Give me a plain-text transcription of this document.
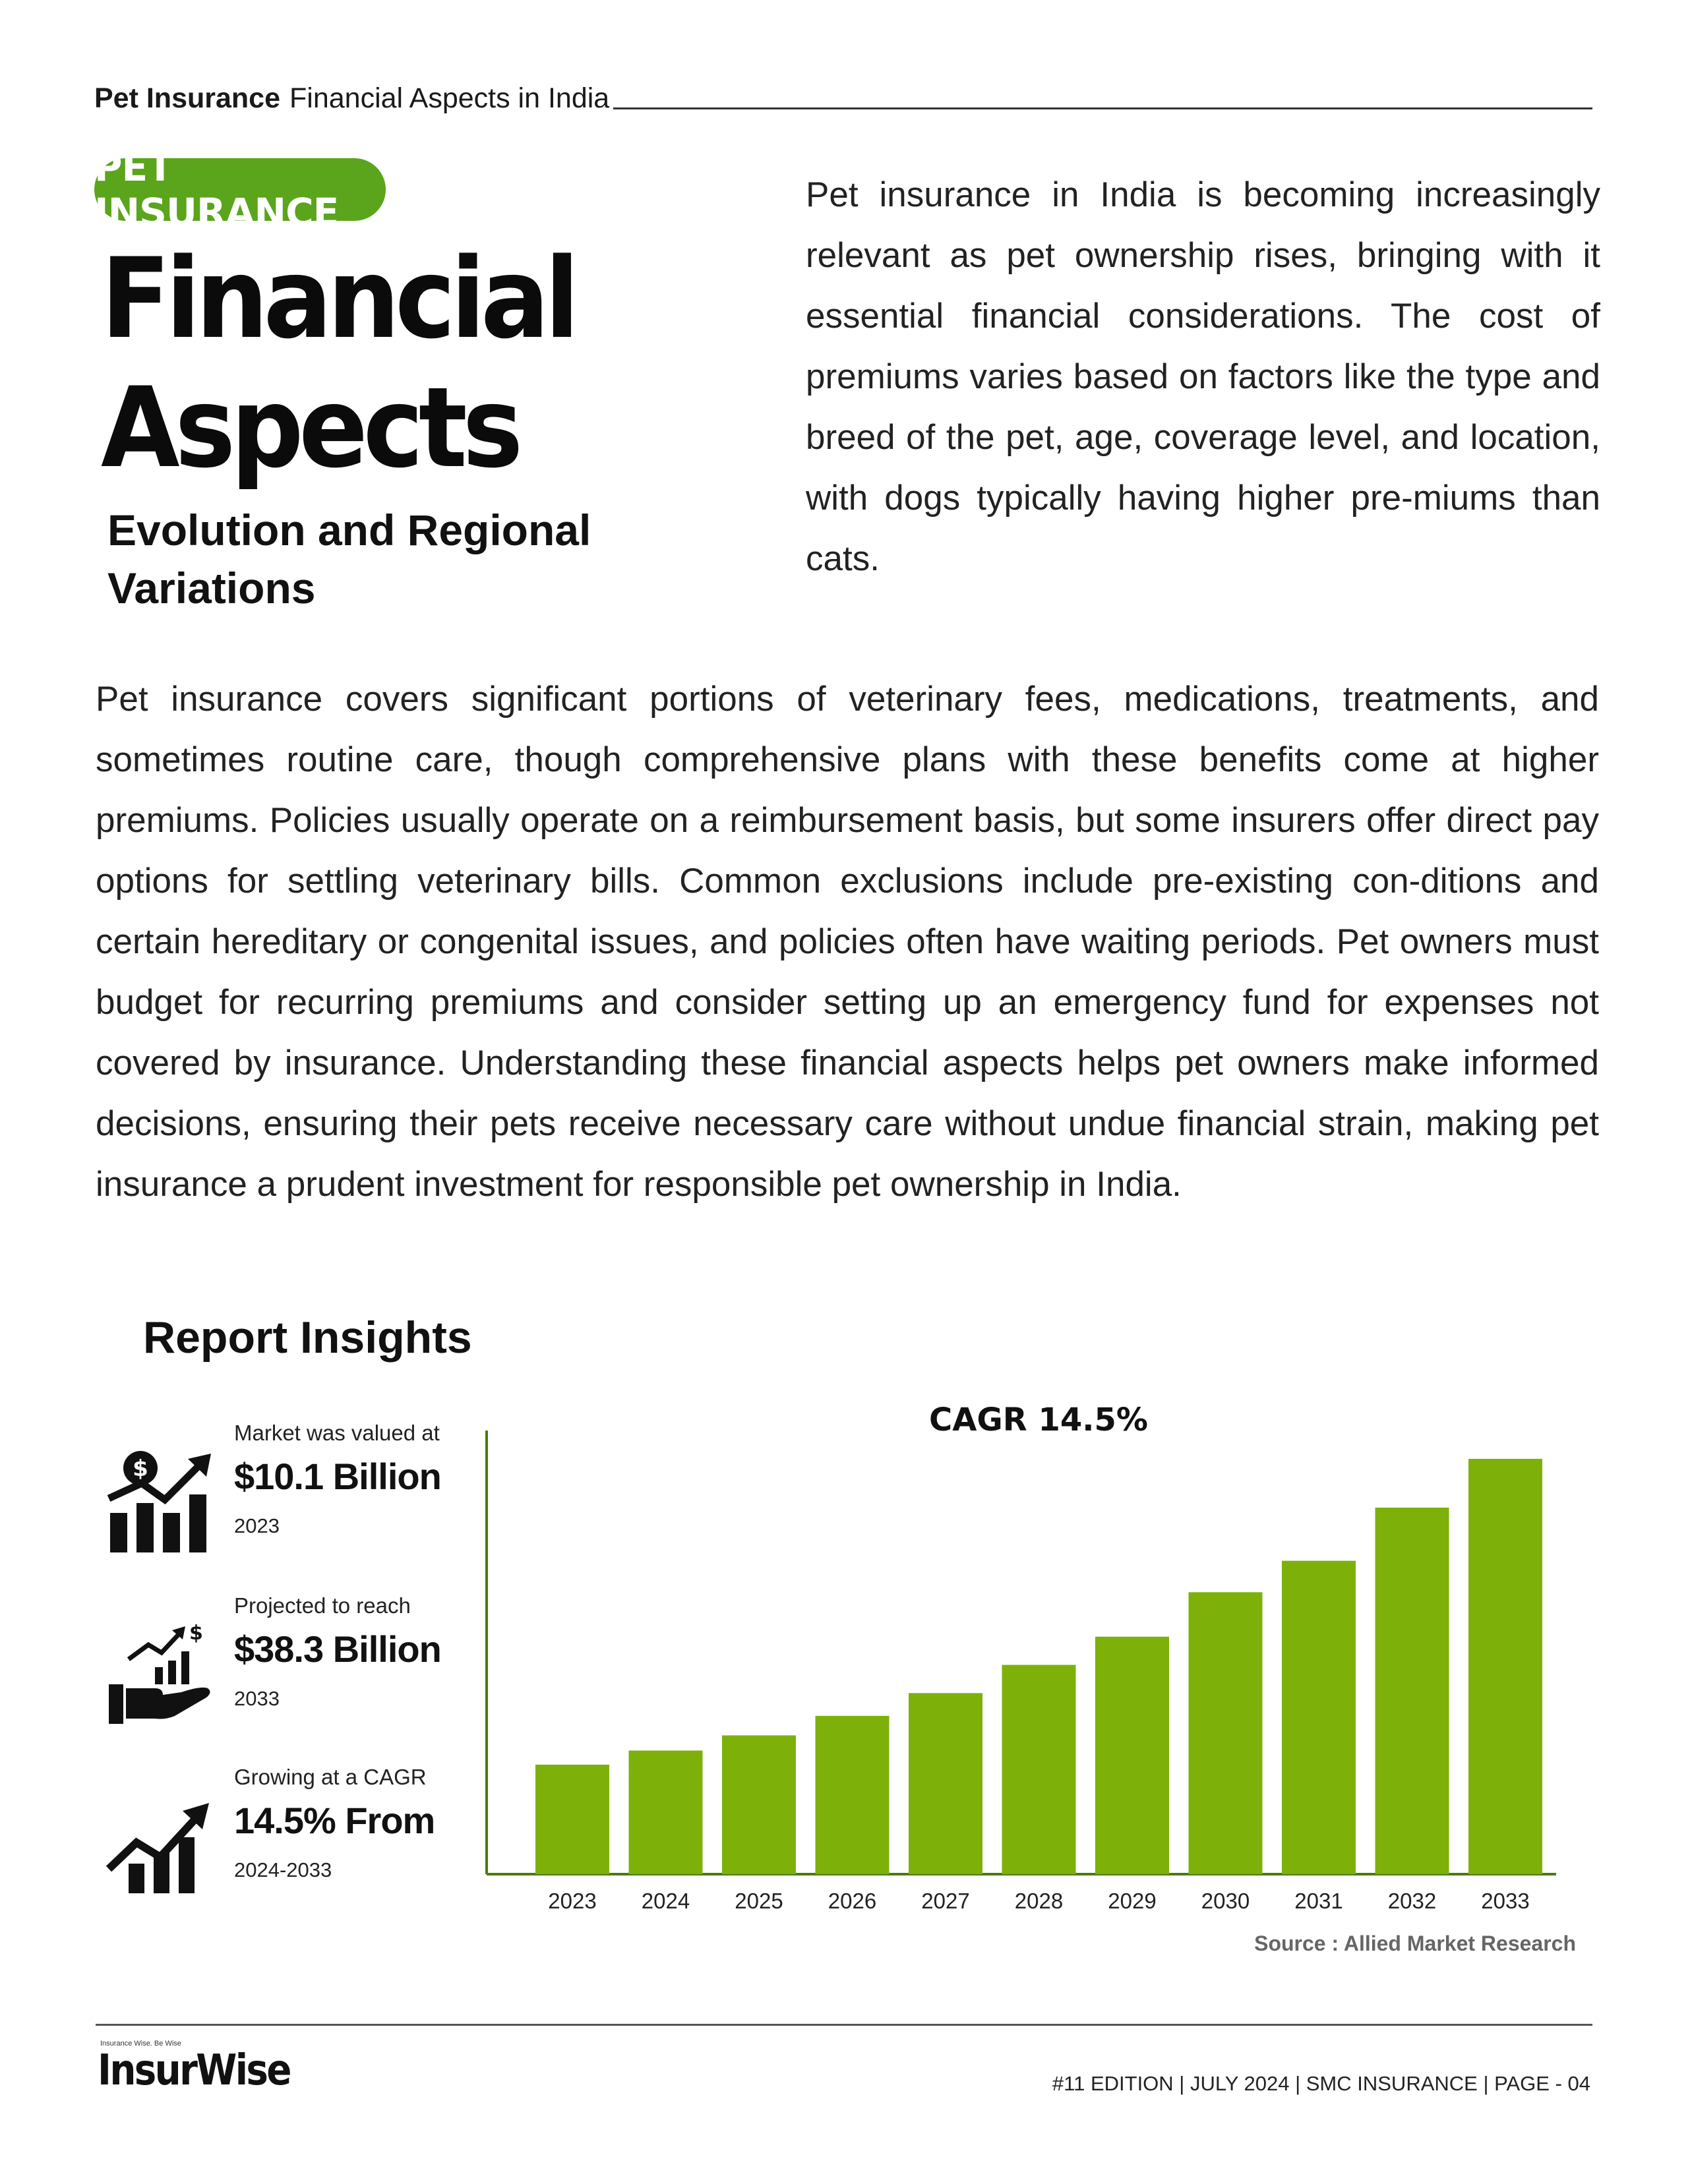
Pet Insurance Financial Aspects in India
PET INSURANCE
Financial
Aspects
Evolution and Regional
Variations

Pet insurance in India is becoming increasingly relevant as pet ownership rises, bringing with it essential financial considerations. The cost of premiums varies based on factors like the type and breed of the pet, age, coverage level, and location, with dogs typically having higher pre-miums than cats.

Pet insurance covers significant portions of veterinary fees, medications, treatments, and sometimes routine care, though comprehensive plans with these benefits come at higher premiums. Policies usually operate on a reimbursement basis, but some insurers offer direct pay options for settling veterinary bills. Common exclusions include pre-existing con-ditions and certain hereditary or congenital issues, and policies often have waiting periods. Pet owners must budget for recurring premiums and consider setting up an emergency fund for expenses not covered by insurance. Understanding these financial aspects helps pet owners make informed decisions, ensuring their pets receive necessary care without undue financial strain, making pet insurance a prudent investment for responsible pet ownership in India.

Report Insights
$
Market was valued at
$10.1 Billion
2023
$
Projected to reach
$38.3 Billion
2033
Growing at a CAGR
14.5% From
2024-2033
CAGR 14.5%
2023 2024 2025 2026 2027 2028 2029 2030 2031 2032 2033
Source : Allied Market Research
Insurance Wise. Be Wise
InsurWise	#11 EDITION | JULY 2024 | SMC INSURANCE | PAGE - 04
